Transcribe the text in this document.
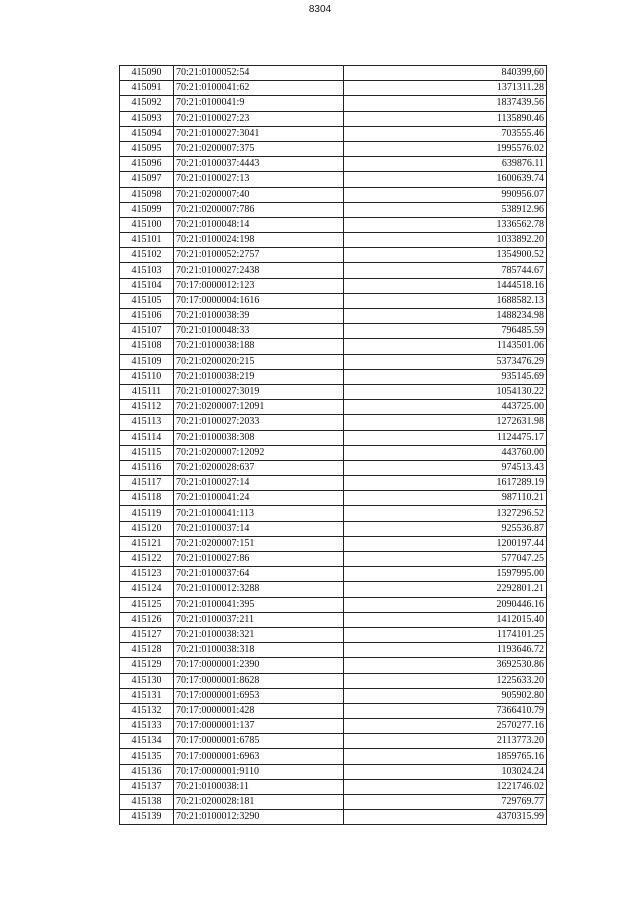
8304
415090	70:21:0100052:54	840399,60
415091	70:21:0100041:62	1371311.28
415092	70:21:0100041:9	1837439.56
415093	70:21:0100027:23	1135890.46
415094	70:21:0100027:3041	703555.46
415095	70:21:0200007:375	1995576.02
415096	70:21:0100037:4443	639876.11
415097	70:21:0100027:13	1600639.74
415098	70:21:0200007:40	990956.07
415099	70:21:0200007:786	538912.96
415100	70:21:0100048:14	1336562.78
415101	70:21:0100024:198	1033892.20
415102	70:21:0100052:2757	1354900.52
415103	70:21:0100027:2438	785744.67
415104	70:17:0000012:123	1444518.16
415105	70:17:0000004:1616	1688582.13
415106	70:21:0100038:39	1488234.98
415107	70:21:0100048:33	796485.59
415108	70:21:0100038:188	1143501.06
415109	70:21:0200020:215	5373476.29
415110	70:21:0100038:219	935145.69
415111	70:21:0100027:3019	1054130.22
415112	70:21:0200007:12091	443725.00
415113	70:21:0100027:2033	1272631.98
415114	70:21:0100038:308	1124475.17
415115	70:21:0200007:12092	443760.00
415116	70:21:0200028:637	974513.43
415117	70:21:0100027:14	1617289.19
415118	70:21:0100041:24	987110.21
415119	70:21:0100041:113	1327296.52
415120	70:21:0100037:14	925536.87
415121	70:21:0200007:151	1200197.44
415122	70:21:0100027:86	577047.25
415123	70:21:0100037:64	1597995.00
415124	70:21:0100012:3288	2292801.21
415125	70:21:0100041:395	2090446.16
415126	70:21:0100037:211	1412015.40
415127	70:21:0100038:321	1174101.25
415128	70:21:0100038:318	1193646.72
415129	70:17:0000001:2390	3692530.86
415130	70:17:0000001:8628	1225633.20
415131	70:17:0000001:6953	905902.80
415132	70:17:0000001:428	7366410.79
415133	70:17:0000001:137	2570277.16
415134	70:17:0000001:6785	2113773.20
415135	70:17:0000001:6963	1859765.16
415136	70:17:0000001:9110	103024.24
415137	70:21:0100038:11	1221746.02
415138	70:21:0200028:181	729769.77
415139	70:21:0100012:3290	4370315.99
